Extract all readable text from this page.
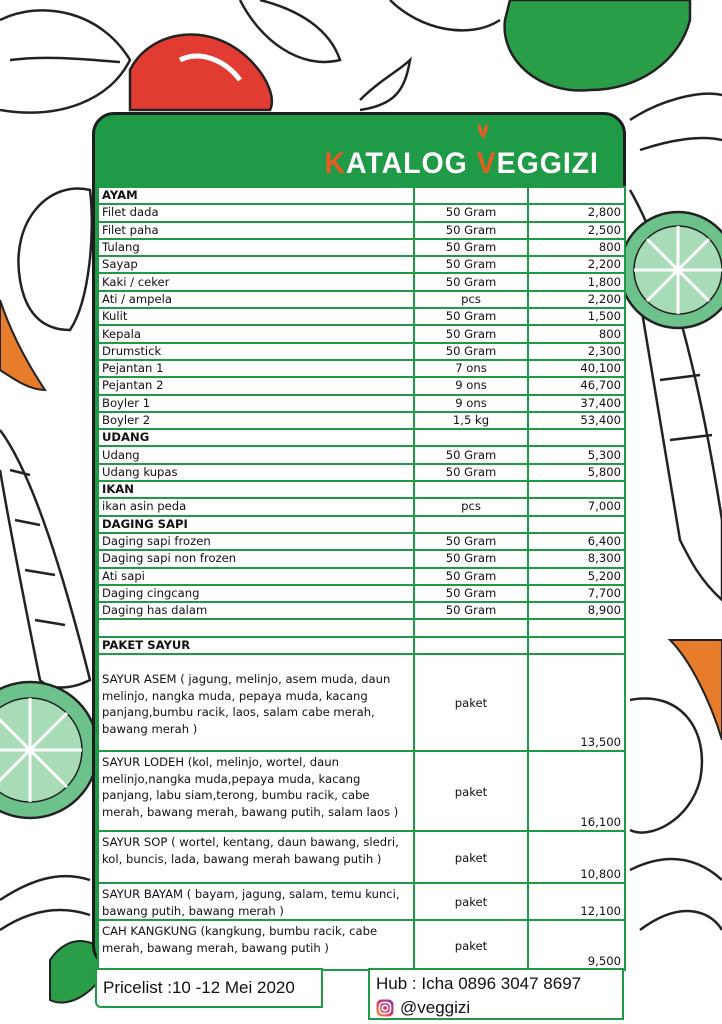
KATALOG VEGGIZI
AYAM		
Filet dada	50 Gram	2,800
Filet paha	50 Gram	2,500
Tulang	50 Gram	800
Sayap	50 Gram	2,200
Kaki / ceker	50 Gram	1,800
Ati / ampela	pcs	2,200
Kulit	50 Gram	1,500
Kepala	50 Gram	800
Drumstick	50 Gram	2,300
Pejantan 1	7 ons	40,100
Pejantan 2	9 ons	46,700
Boyler 1	9 ons	37,400
Boyler 2	1,5 kg	53,400
UDANG		
Udang	50 Gram	5,300
Udang kupas	50 Gram	5,800
IKAN		
ikan asin peda	pcs	7,000
DAGING SAPI		
Daging sapi frozen	50 Gram	6,400
Daging sapi non frozen	50 Gram	8,300
Ati sapi	50 Gram	5,200
Daging cingcang	50 Gram	7,700
Daging has dalam	50 Gram	8,900

PAKET SAYUR		
SAYUR ASEM ( jagung, melinjo, asem muda, daun melinjo, nangka muda, pepaya muda, kacang panjang,bumbu racik, laos, salam cabe merah, bawang merah )	paket	13,500
SAYUR LODEH (kol, melinjo, wortel, daun melinjo,nangka muda,pepaya muda, kacang panjang, labu siam,terong, bumbu racik, cabe merah, bawang merah, bawang putih, salam laos )	paket	16,100
SAYUR SOP ( wortel, kentang, daun bawang, sledri, kol, buncis, lada, bawang merah bawang putih )	paket	10,800
SAYUR BAYAM ( bayam, jagung, salam, temu kunci, bawang putih, bawang merah )	paket	12,100
CAH KANGKUNG (kangkung, bumbu racik, cabe merah, bawang merah, bawang putih )	paket	9,500
Pricelist :10 -12 Mei 2020	Hub : Icha 0896 3047 8697
@veggizi
